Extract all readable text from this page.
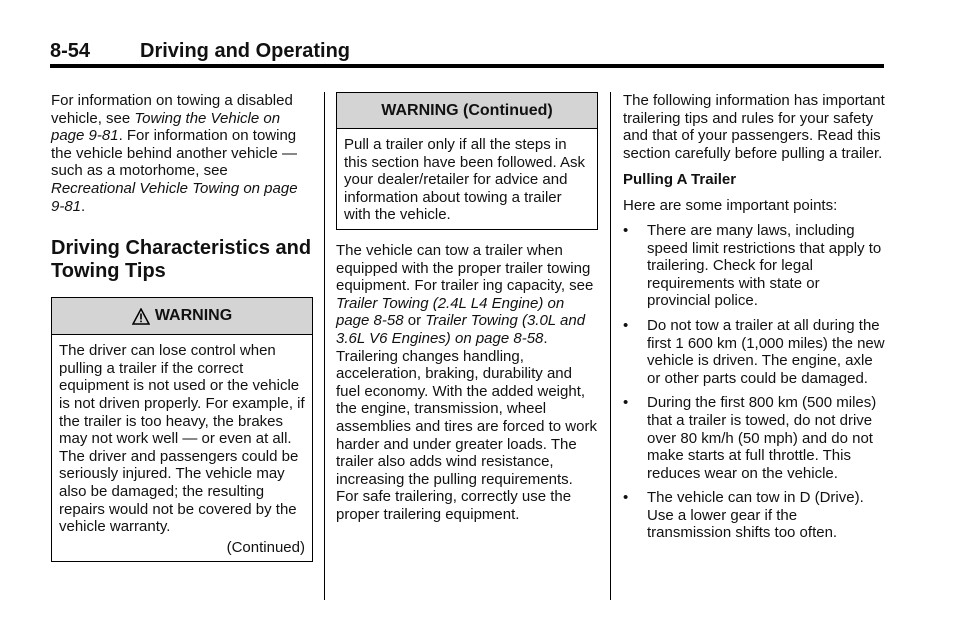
8-54 Driving and Operating

For information on towing a disabled vehicle, see Towing the Vehicle on page 9-81. For information on towing the vehicle behind another vehicle — such as a motorhome, see Recreational Vehicle Towing on page 9-81.

Driving Characteristics and Towing Tips
WARNING

The driver can lose control when pulling a trailer if the correct equipment is not used or the vehicle is not driven properly. For example, if the trailer is too heavy, the brakes may not work well — or even at all. The driver and passengers could be seriously injured. The vehicle may also be damaged; the resulting repairs would not be covered by the vehicle warranty.

(Continued)

WARNING (Continued)

Pull a trailer only if all the steps in this section have been followed. Ask your dealer/retailer for advice and information about towing a trailer with the vehicle.

The vehicle can tow a trailer when equipped with the proper trailer towing equipment. For trailer ing capacity, see Trailer Towing (2.4L L4 Engine) on page 8-58 or Trailer Towing (3.0L and 3.6L V6 Engines) on page 8-58. Trailering changes handling, acceleration, braking, durability and fuel economy. With the added weight, the engine, transmission, wheel assemblies and tires are forced to work harder and under greater loads. The trailer also adds wind resistance, increasing the pulling requirements. For safe trailering, correctly use the proper trailering equipment.

The following information has important trailering tips and rules for your safety and that of your passengers. Read this section carefully before pulling a trailer.

Pulling A Trailer

Here are some important points:

• There are many laws, including speed limit restrictions that apply to trailering. Check for legal requirements with state or provincial police.
• Do not tow a trailer at all during the first 1 600 km (1,000 miles) the new vehicle is driven. The engine, axle or other parts could be damaged.
• During the first 800 km (500 miles) that a trailer is towed, do not drive over 80 km/h (50 mph) and do not make starts at full throttle. This reduces wear on the vehicle.
• The vehicle can tow in D (Drive). Use a lower gear if the transmission shifts too often.
